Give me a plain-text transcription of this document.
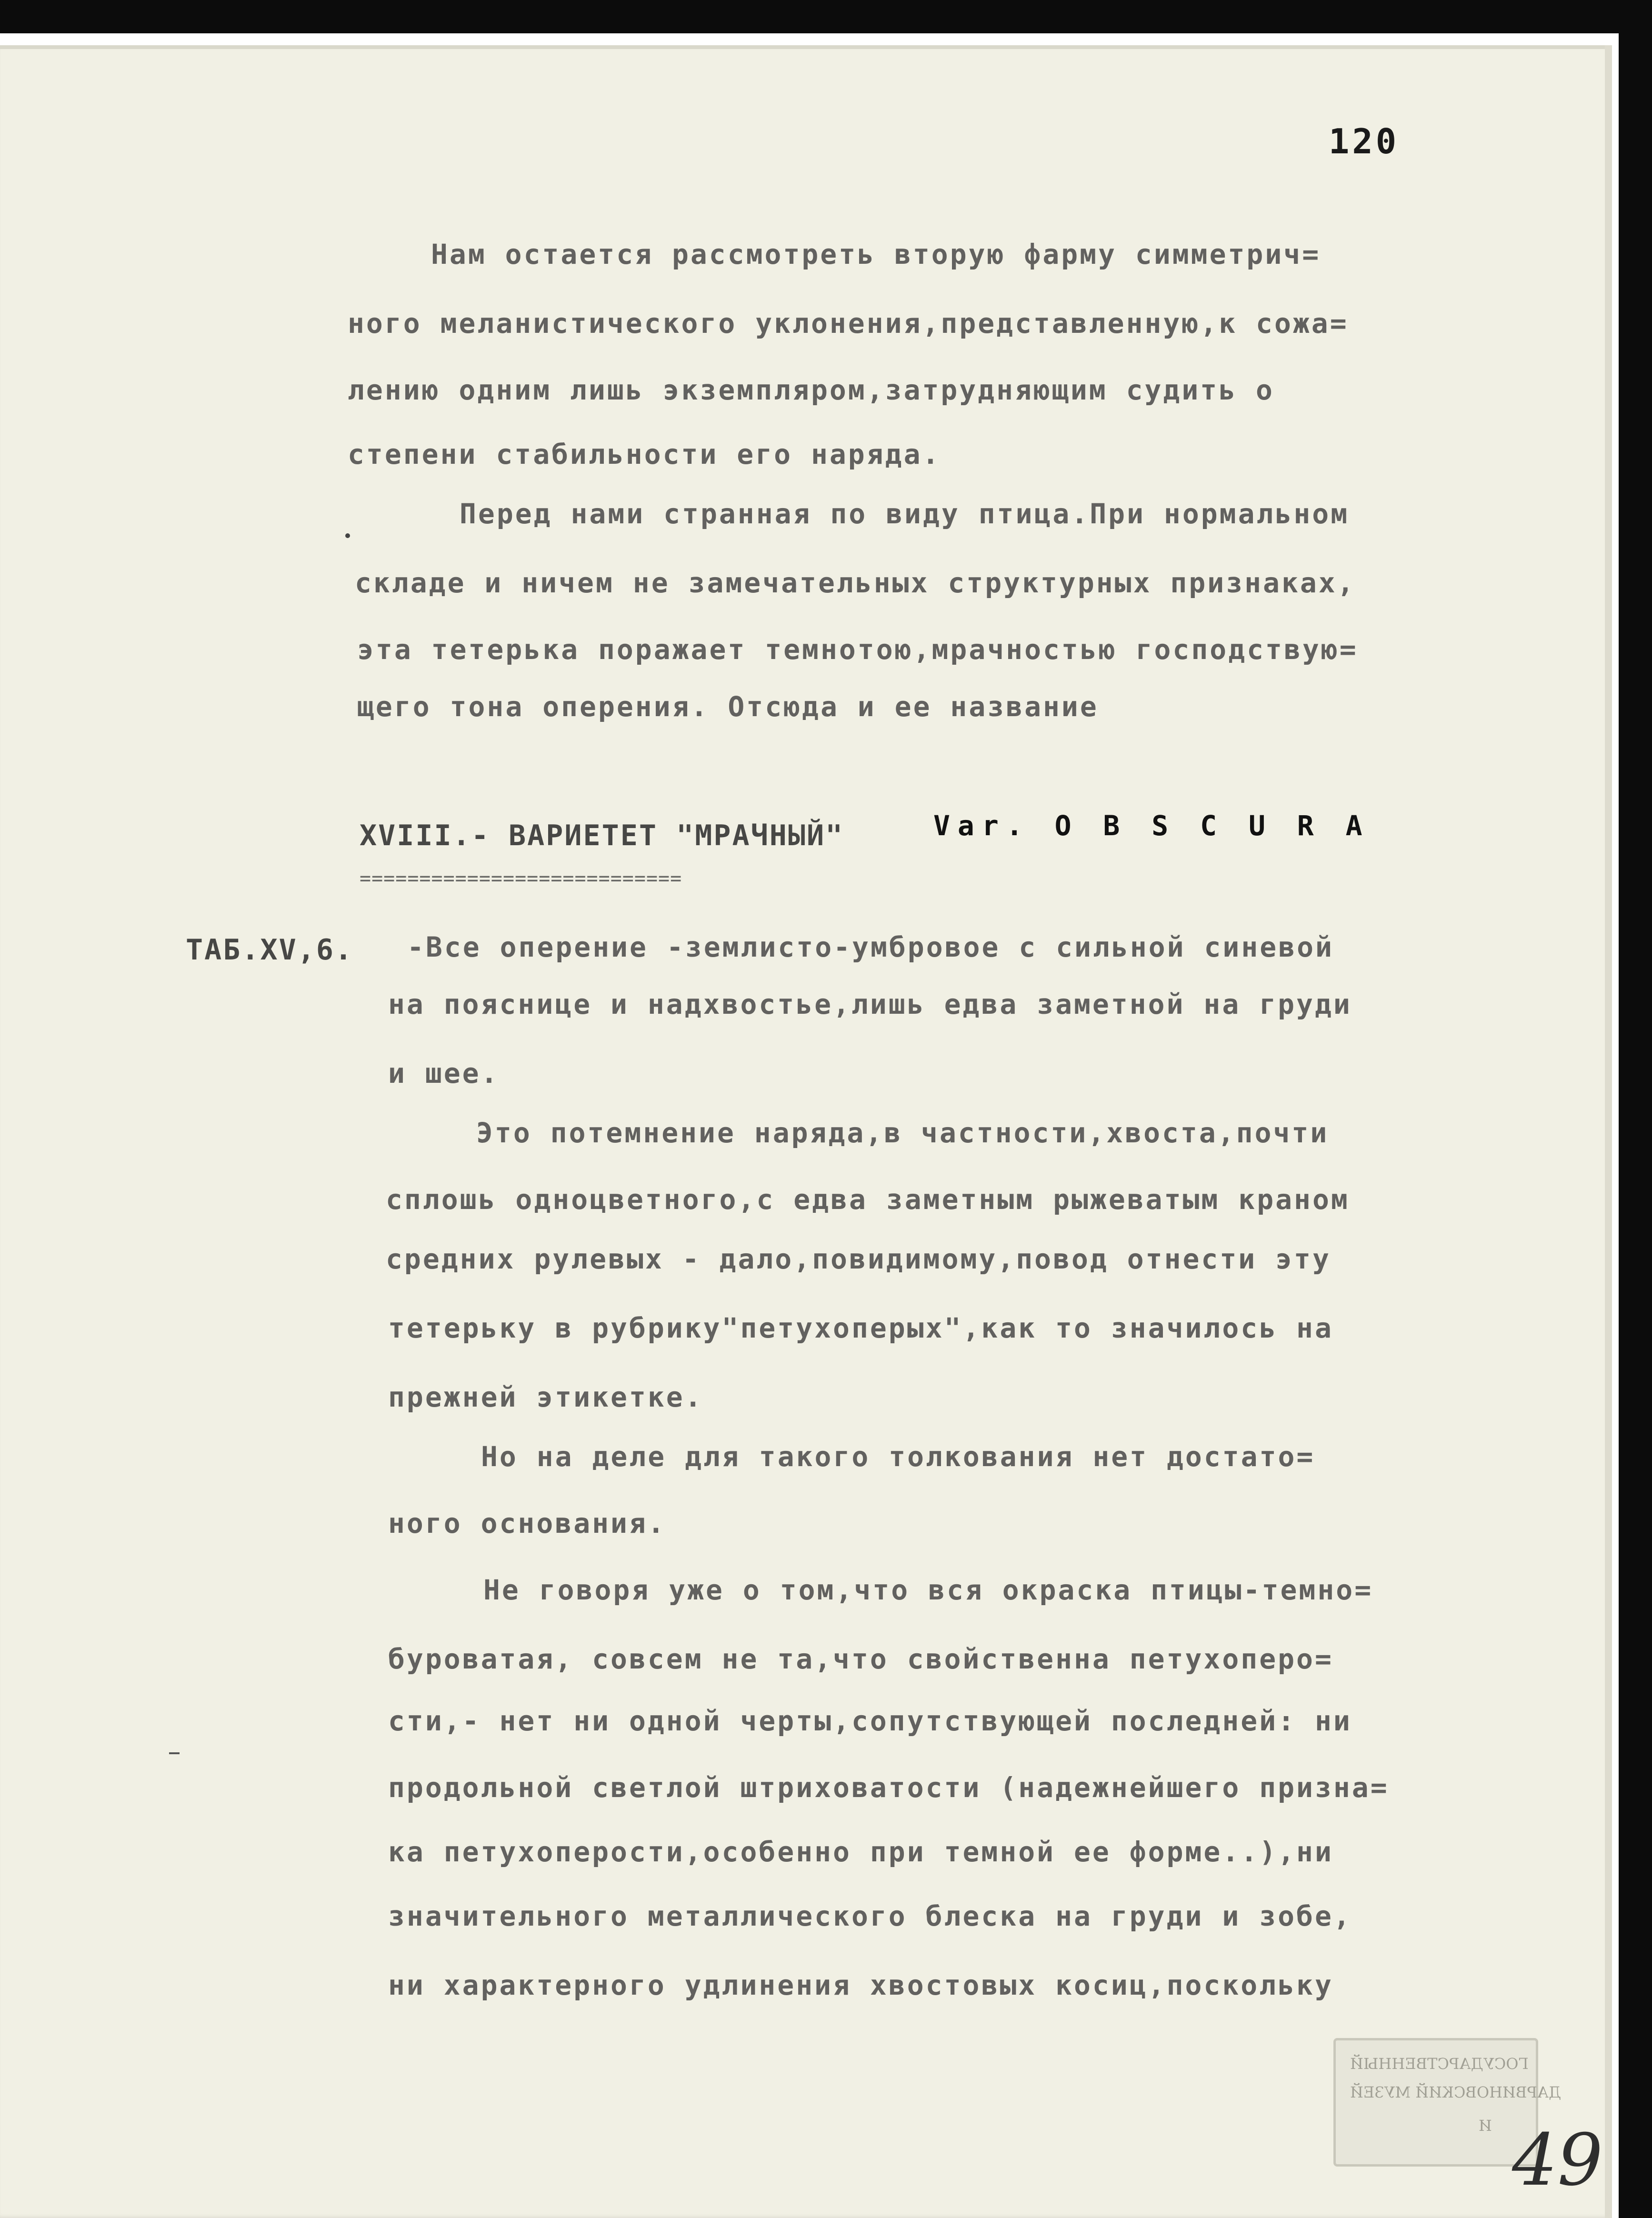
120
Нам остается рассмотреть вторую фарму симметрич=
ного меланистического уклонения,представленную,к сожа=
лению одним лишь экземпляром,затрудняющим судить о
степени стабильности его наряда.
Перед нами странная по виду птица.При нормальном
складе и ничем не замечательных структурных признаках,
эта тетерька поражает темнотою,мрачностью господствую=
щего тона оперения. Отсюда и ее название
XVIII.- ВАРИЕТЕТ "МРАЧНЫЙ"	Var. O B S C U R A
===========================
ТАБ.XV,6. -Все оперение -землисто-умбровое с сильной синевой
на пояснице и надхвостье,лишь едва заметной на груди
и шее.
Это потемнение наряда,в частности,хвоста,почти
сплошь одноцветного,с едва заметным рыжеватым краном
средних рулевых - дало,повидимому,повод отнести эту
тетерьку в рубрику"петухоперых",как то значилось на
прежней этикетке.
Но на деле для такого толкования нет достато=
ного основания.
Не говоря уже о том,что вся окраска птицы-темно=
буроватая, совсем не та,что свойственна петухоперо=
сти,- нет ни одной черты,сопутствующей последней: ни
продольной светлой штриховатости (надежнейшего призна=
ка петухоперости,особенно при темной ее форме..),ни
значительного металлического блеска на груди и зобе,
ни характерного удлинения хвостовых косиц,поскольку
ГОСУДАРСТВЕННЫЙ
ДАРВИНОВСКИЙ МУЗЕЙ
И 49
